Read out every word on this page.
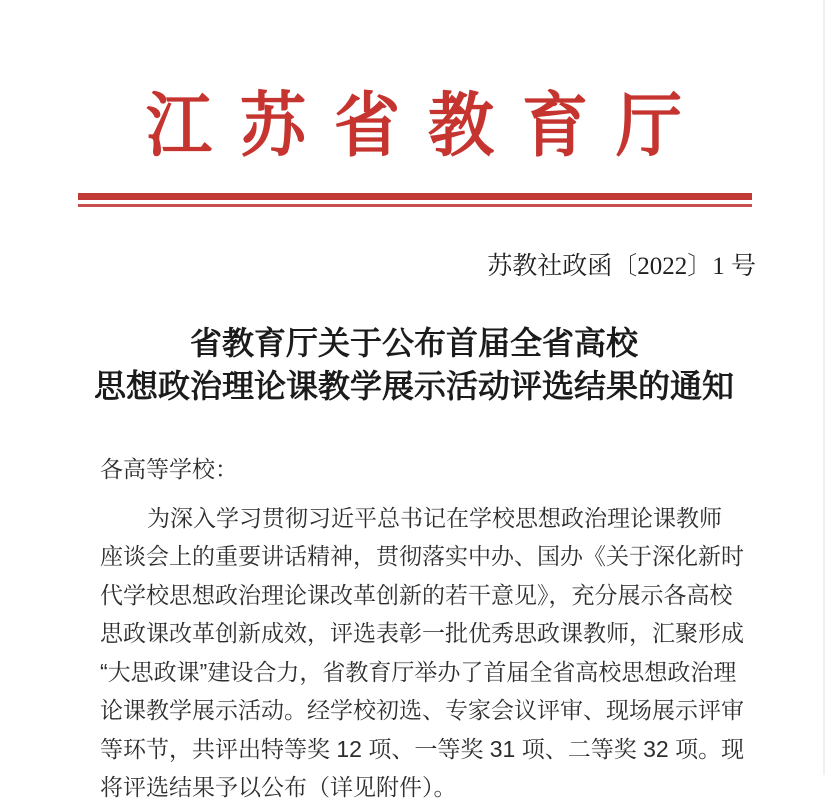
江苏省教育厅
苏教社政函〔2022〕1 号
省教育厅关于公布首届全省高校
思想政治理论课教学展示活动评选结果的通知
各高等学校：
为深入学习贯彻习近平总书记在学校思想政治理论课教师
座谈会上的重要讲话精神，贯彻落实中办、国办《关于深化新时
代学校思想政治理论课改革创新的若干意见》，充分展示各高校
思政课改革创新成效，评选表彰一批优秀思政课教师，汇聚形成
“大思政课”建设合力，省教育厅举办了首届全省高校思想政治理
论课教学展示活动。经学校初选、专家会议评审、现场展示评审
等环节，共评出特等奖 12 项、一等奖 31 项、二等奖 32 项。现
将评选结果予以公布（详见附件）。
